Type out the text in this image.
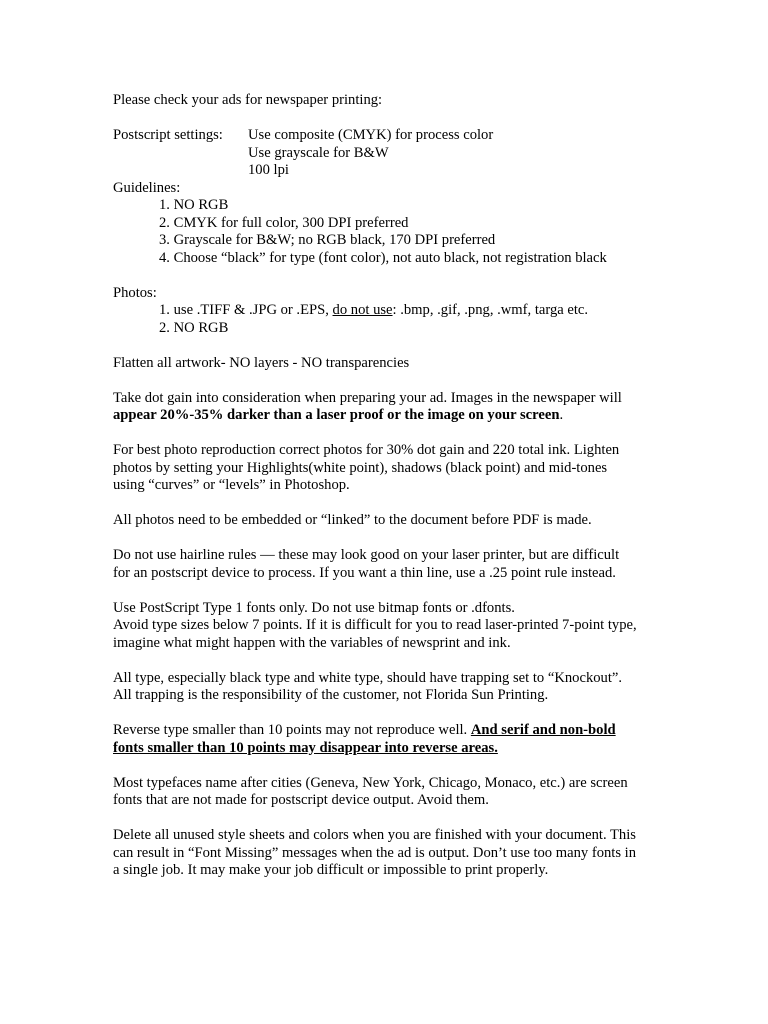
Please check your ads for newspaper printing:

Postscript settings:	Use composite (CMYK) for process color

Use grayscale for B&W

100 lpi

Guidelines:

1. NO RGB

2. CMYK for full color, 300 DPI preferred

3. Grayscale for B&W; no RGB black, 170 DPI preferred

4. Choose “black” for type (font color), not auto black, not registration black

Photos:

1. use .TIFF & .JPG or .EPS, do not use: .bmp, .gif, .png, .wmf, targa etc.

2. NO RGB

Flatten all artwork- NO layers - NO transparencies

Take dot gain into consideration when preparing your ad. Images in the newspaper will

appear 20%-35% darker than a laser proof or the image on your screen.

For best photo reproduction correct photos for 30% dot gain and 220 total ink. Lighten

photos by setting your Highlights(white point), shadows (black point) and mid-tones

using “curves” or “levels” in Photoshop.

All photos need to be embedded or “linked” to the document before PDF is made.

Do not use hairline rules — these may look good on your laser printer, but are difficult

for an postscript device to process. If you want a thin line, use a .25 point rule instead.

Use PostScript Type 1 fonts only. Do not use bitmap fonts or .dfonts.

Avoid type sizes below 7 points. If it is difficult for you to read laser-printed 7-point type,

imagine what might happen with the variables of newsprint and ink.

All type, especially black type and white type, should have trapping set to “Knockout”.

All trapping is the responsibility of the customer, not Florida Sun Printing.

Reverse type smaller than 10 points may not reproduce well. And serif and non-bold

fonts smaller than 10 points may disappear into reverse areas.

Most typefaces name after cities (Geneva, New York, Chicago, Monaco, etc.) are screen

fonts that are not made for postscript device output. Avoid them.

Delete all unused style sheets and colors when you are finished with your document. This

can result in “Font Missing” messages when the ad is output. Don’t use too many fonts in

a single job. It may make your job difficult or impossible to print properly.
